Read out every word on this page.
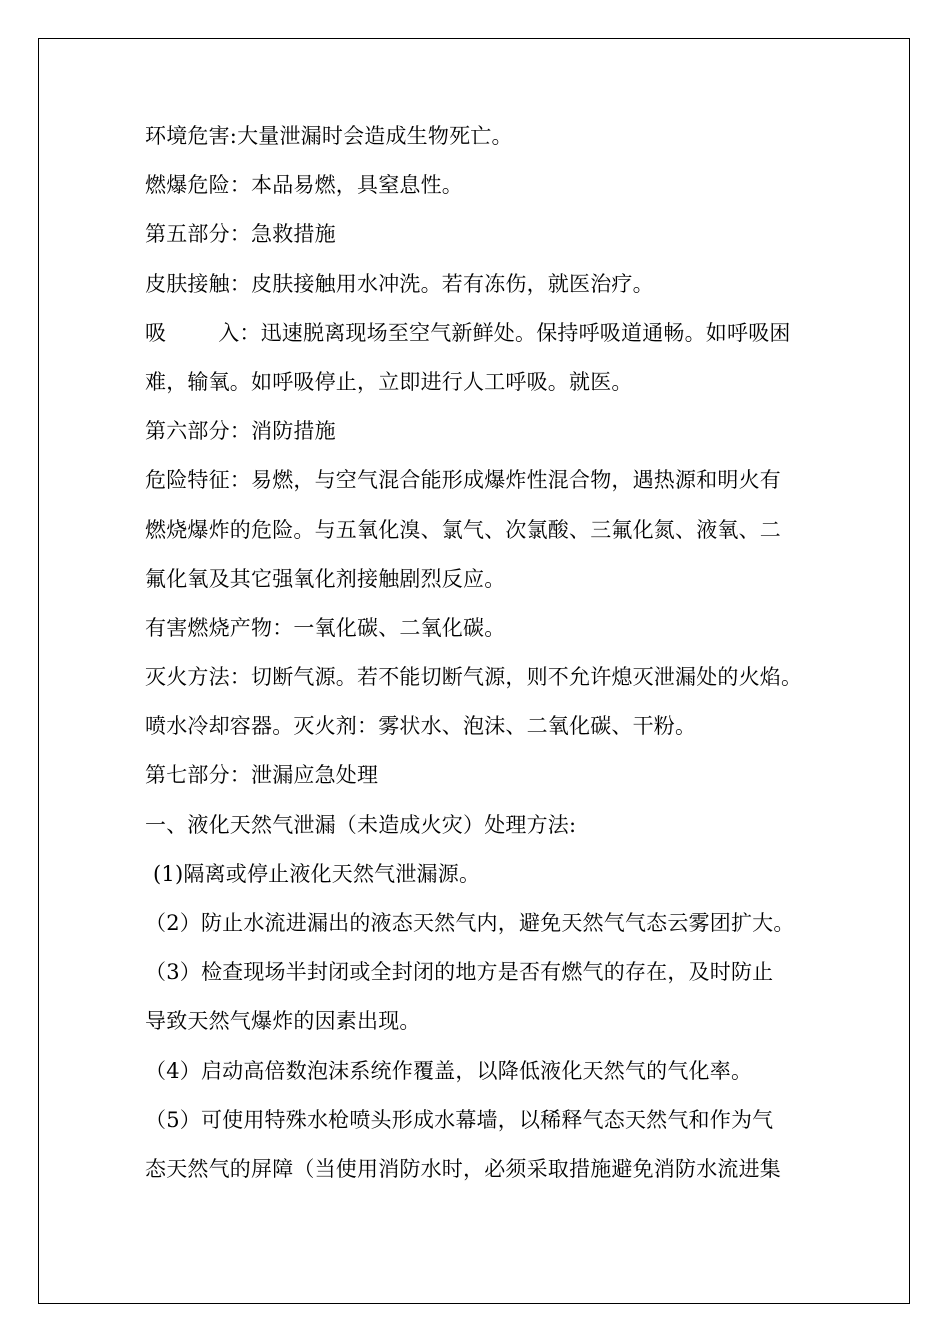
环境危害:大量泄漏时会造成生物死亡。
燃爆危险：本品易燃，具窒息性。
第五部分：急救措施
皮肤接触：皮肤接触用水冲洗。若有冻伤，就医治疗。
吸 入：迅速脱离现场至空气新鲜处。保持呼吸道通畅。如呼吸困
难，输氧。如呼吸停止，立即进行人工呼吸。就医。
第六部分：消防措施
危险特征：易燃，与空气混合能形成爆炸性混合物，遇热源和明火有
燃烧爆炸的危险。与五氧化溴、氯气、次氯酸、三氟化氮、液氧、二
氟化氧及其它强氧化剂接触剧烈反应。
有害燃烧产物：一氧化碳、二氧化碳。
灭火方法：切断气源。若不能切断气源，则不允许熄灭泄漏处的火焰。
喷水冷却容器。灭火剂：雾状水、泡沫、二氧化碳、干粉。
第七部分：泄漏应急处理
一、液化天然气泄漏（未造成火灾）处理方法:
(1)隔离或停止液化天然气泄漏源。
（2）防止水流进漏出的液态天然气内，避免天然气气态云雾团扩大。
（3）检查现场半封闭或全封闭的地方是否有燃气的存在，及时防止
导致天然气爆炸的因素出现。
（4）启动高倍数泡沫系统作覆盖，以降低液化天然气的气化率。
（5）可使用特殊水枪喷头形成水幕墙，以稀释气态天然气和作为气
态天然气的屏障（当使用消防水时，必须采取措施避免消防水流进集
